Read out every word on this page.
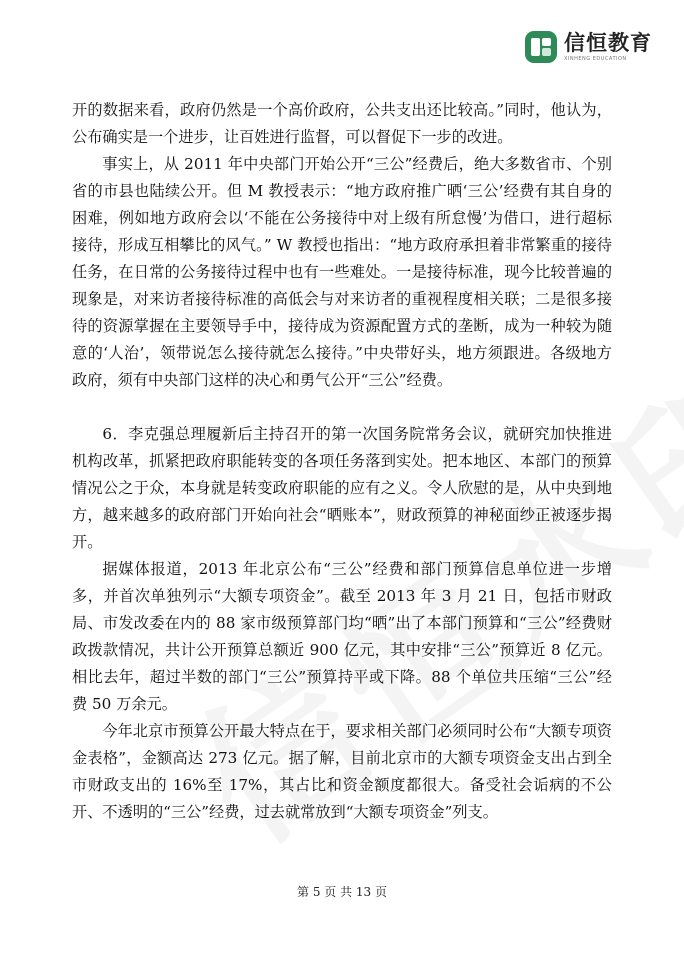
信恒教育
XINHENG EDUCATION

开的数据来看，政府仍然是一个高价政府，公共支出还比较高。”同时，他认为，公布确实是一个进步，让百姓进行监督，可以督促下一步的改进。

事实上，从 2011 年中央部门开始公开“三公”经费后，绝大多数省市、个别省的市县也陆续公开。但 M 教授表示：“地方政府推广晒‘三公’经费有其自身的困难，例如地方政府会以‘不能在公务接待中对上级有所怠慢’为借口，进行超标接待，形成互相攀比的风气。” W 教授也指出：“地方政府承担着非常繁重的接待任务，在日常的公务接待过程中也有一些难处。一是接待标准，现今比较普遍的现象是，对来访者接待标准的高低会与对来访者的重视程度相关联；二是很多接待的资源掌握在主要领导手中，接待成为资源配置方式的垄断，成为一种较为随意的‘人治’，领带说怎么接待就怎么接待。”中央带好头，地方须跟进。各级地方政府，须有中央部门这样的决心和勇气公开“三公”经费。

6．李克强总理履新后主持召开的第一次国务院常务会议，就研究加快推进机构改革，抓紧把政府职能转变的各项任务落到实处。把本地区、本部门的预算情况公之于众，本身就是转变政府职能的应有之义。令人欣慰的是，从中央到地方，越来越多的政府部门开始向社会“晒账本”，财政预算的神秘面纱正被逐步揭开。

据媒体报道，2013 年北京公布“三公”经费和部门预算信息单位进一步增多，并首次单独列示“大额专项资金”。截至 2013 年 3 月 21 日，包括市财政局、市发改委在内的 88 家市级预算部门均“晒”出了本部门预算和“三公”经费财政拨款情况，共计公开预算总额近 900 亿元，其中安排“三公”预算近 8 亿元。相比去年，超过半数的部门“三公”预算持平或下降。88 个单位共压缩“三公”经费 50 万余元。

今年北京市预算公开最大特点在于，要求相关部门必须同时公布“大额专项资金表格”，金额高达 273 亿元。据了解，目前北京市的大额专项资金支出占到全市财政支出的 16%至 17%，其占比和资金额度都很大。备受社会诟病的不公开、不透明的“三公”经费，过去就常放到“大额专项资金”列支。

第 5 页 共 13 页
